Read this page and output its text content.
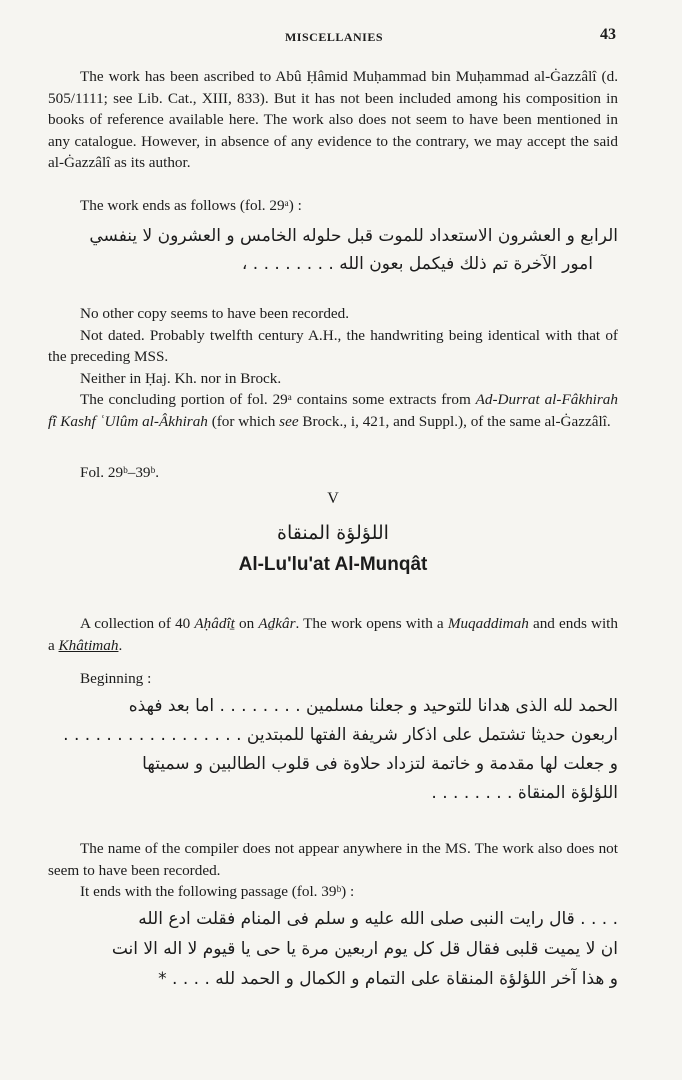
MISCELLANIES	43

The work has been ascribed to Abû Ḥâmid Muḥammad bin Muḥammad al-Ġazzâlî (d. 505/1111; see Lib. Cat., XIII, 833). But it has not been included among his composition in books of reference available here. The work also does not seem to have been mentioned in any catalogue. However, in absence of any evidence to the contrary, we may accept the said al-Ġazzâlî as its author.

The work ends as follows (fol. 29ᵃ) :

الرابع و العشرون الاستعداد للموت قبل حلوله الخامس و العشرون لا ينفسي

امور الآخرة تم ذلك فيكمل بعون الله . . . . . . . . ،

No other copy seems to have been recorded.

Not dated. Probably twelfth century A.H., the handwriting being identical with that of the preceding MSS.

Neither in Ḥaj. Kh. nor in Brock.

The concluding portion of fol. 29ᵃ contains some extracts from Ad-Durrat al-Fâkhirah fî Kashf ʿUlûm al-Âkhirah (for which see Brock., i, 421, and Suppl.), of the same al-Ġazzâlî.

Fol. 29ᵇ–39ᵇ.

V
اللؤلؤة المنقاة
Al-Lu'lu'at Al-Munqât

A collection of 40 Aḥâdîṯ on Aḏkâr. The work opens with a Muqaddimah and ends with a Khâtimah.

Beginning :

الحمد لله الذى هدانا للتوحيد و جعلنا مسلمين . . . . . . . . اما بعد فهذه

اربعون حديثا تشتمل على اذكار شريفة الفتها للمبتدين . . . . . . . . . . . . . . . . .

و جعلت لها مقدمة و خاتمة لتزداد حلاوة فى قلوب الطالبين و سميتها

اللؤلؤة المنقاة . . . . . . . .

The name of the compiler does not appear anywhere in the MS. The work also does not seem to have been recorded.

It ends with the following passage (fol. 39ᵇ) :

. . . . قال رايت النبى صلى الله عليه و سلم فى المنام فقلت ادع الله

ان لا يميت قلبى فقال قل كل يوم اربعين مرة يا حى يا قيوم لا اله الا انت

و هذا آخر اللؤلؤة المنقاة على التمام و الكمال و الحمد لله . . . . *
